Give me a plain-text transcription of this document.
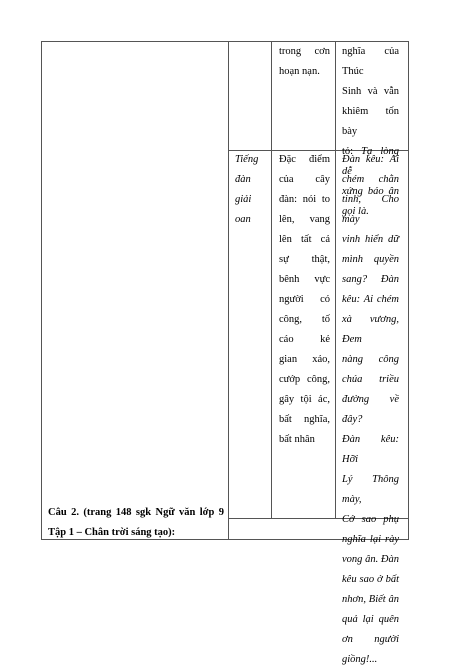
Câu 2. (trang 148 sgk Ngữ văn lớp 9 Tập 1 – Chân trời sáng tạo):
trong cơn
hoạn nạn.
nghĩa của Thúc
Sinh và vẫn
khiêm tốn bày
tỏ: Tạ lòng dễ
xứng báo ân
gọi là.
Tiếng
đàn
giải
oan
Đặc điểm
của cây
đàn: nói to
lên, vang
lên tất cả
sự thật,
bênh vực
người có
công, tố
cáo kẻ
gian xảo,
cướp công,
gây tội ác,
bất nghĩa,
bất nhân
Đàn kêu: Ai
chém chằn
tinh, Cho mày
vinh hiển dữ
mình quyền
sang? Đàn
kêu: Ai chém
xà vương, Đem
nàng công
chúa triều
đường về đây?
Đàn kêu: Hỡi
Lý Thông mày,
Cớ sao phụ
nghĩa lại rày
vong ân. Đàn
kêu sao ở bất
nhơn, Biết ân
quả lại quên
ơn người
giồng!...
